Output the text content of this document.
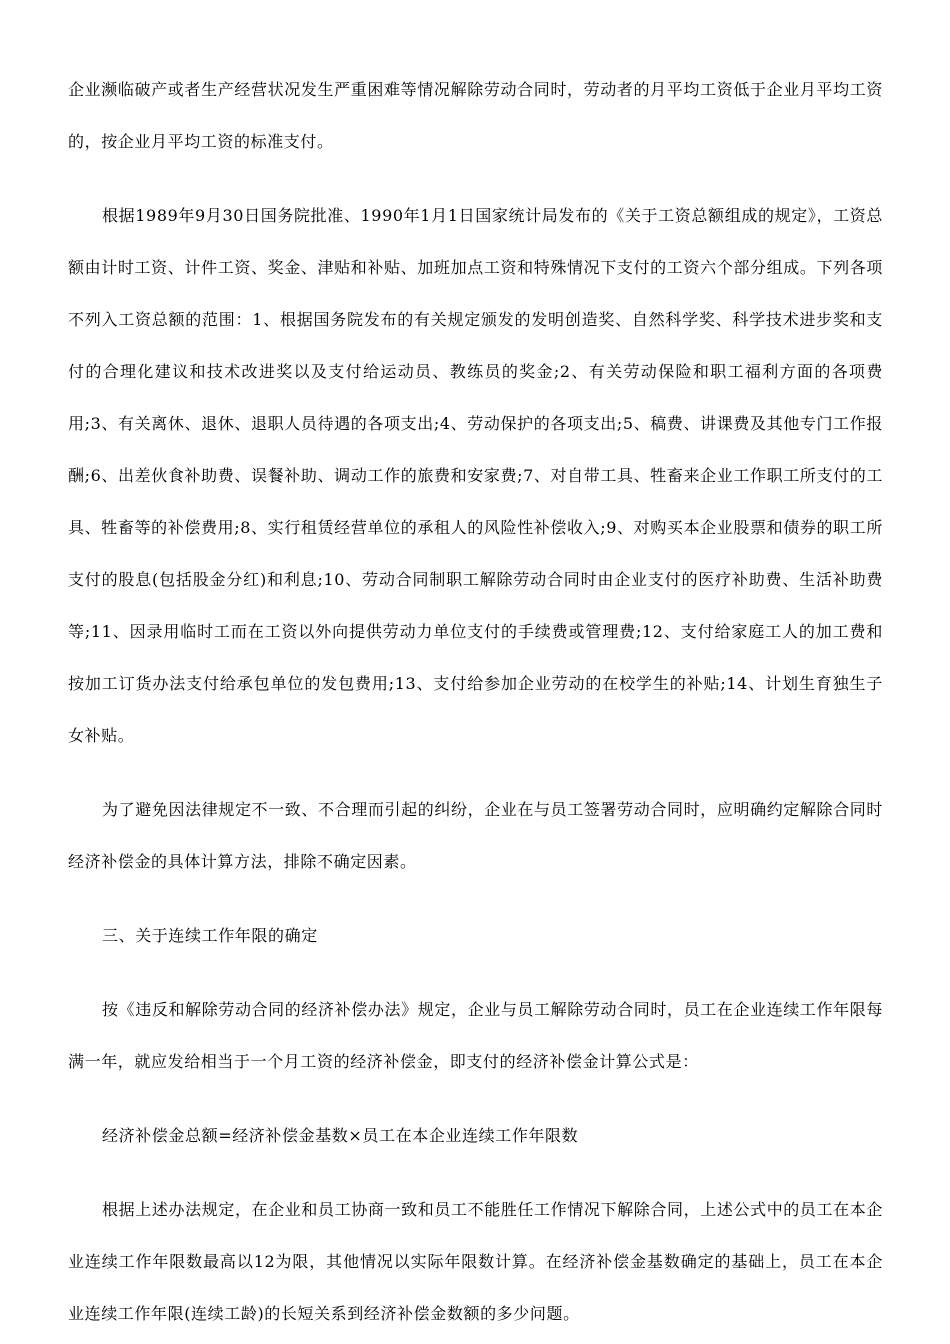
企业濒临破产或者生产经营状况发生严重困难等情况解除劳动合同时，劳动者的月平均工资低于企业月平均工资的，按企业月平均工资的标准支付。

根据1989年9月30日国务院批准、1990年1月1日国家统计局发布的《关于工资总额组成的规定》，工资总额由计时工资、计件工资、奖金、津贴和补贴、加班加点工资和特殊情况下支付的工资六个部分组成。下列各项不列入工资总额的范围：1、根据国务院发布的有关规定颁发的发明创造奖、自然科学奖、科学技术进步奖和支付的合理化建议和技术改进奖以及支付给运动员、教练员的奖金;2、有关劳动保险和职工福利方面的各项费用;3、有关离休、退休、退职人员待遇的各项支出;4、劳动保护的各项支出;5、稿费、讲课费及其他专门工作报酬;6、出差伙食补助费、误餐补助、调动工作的旅费和安家费;7、对自带工具、牲畜来企业工作职工所支付的工具、牲畜等的补偿费用;8、实行租赁经营单位的承租人的风险性补偿收入;9、对购买本企业股票和债券的职工所支付的股息(包括股金分红)和利息;10、劳动合同制职工解除劳动合同时由企业支付的医疗补助费、生活补助费等;11、因录用临时工而在工资以外向提供劳动力单位支付的手续费或管理费;12、支付给家庭工人的加工费和按加工订货办法支付给承包单位的发包费用;13、支付给参加企业劳动的在校学生的补贴;14、计划生育独生子女补贴。

为了避免因法律规定不一致、不合理而引起的纠纷，企业在与员工签署劳动合同时，应明确约定解除合同时经济补偿金的具体计算方法，排除不确定因素。

三、关于连续工作年限的确定

按《违反和解除劳动合同的经济补偿办法》规定，企业与员工解除劳动合同时，员工在企业连续工作年限每满一年，就应发给相当于一个月工资的经济补偿金，即支付的经济补偿金计算公式是：

经济补偿金总额=经济补偿金基数×员工在本企业连续工作年限数

根据上述办法规定，在企业和员工协商一致和员工不能胜任工作情况下解除合同，上述公式中的员工在本企业连续工作年限数最高以12为限，其他情况以实际年限数计算。在经济补偿金基数确定的基础上，员工在本企业连续工作年限(连续工龄)的长短关系到经济补偿金数额的多少问题。
